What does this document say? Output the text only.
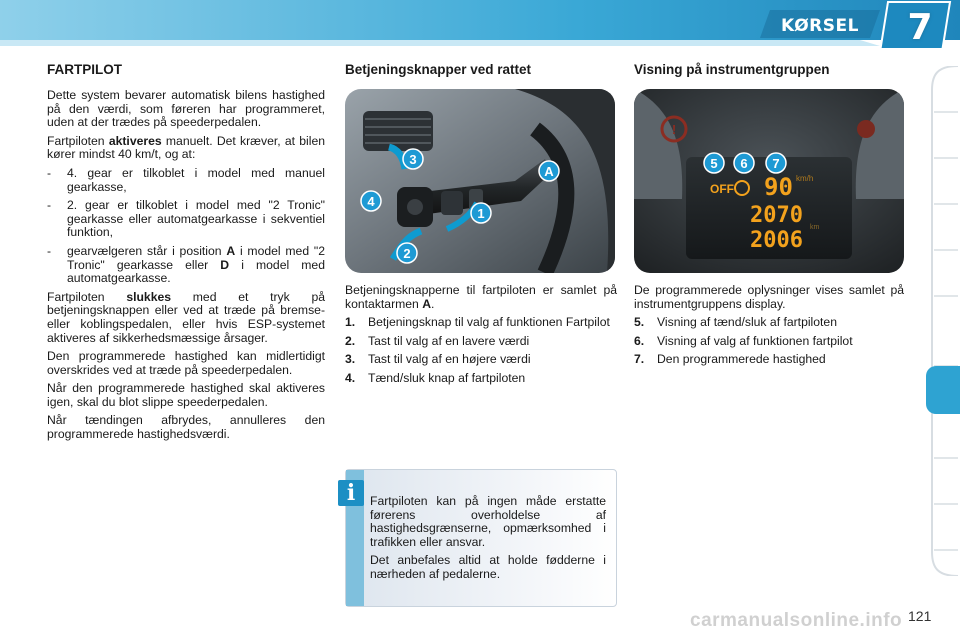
KØRSEL 7
FARTPILOT

Dette system bevarer automatisk bilens hastighed på den værdi, som føreren har programmeret, uden at der trædes på speederpedalen.

Fartpiloten aktiveres manuelt. Det kræver, at bilen kører mindst 40 km/t, og at:

-	4. gear er tilkoblet i model med manuel gearkasse,
-	2. gear er tilkoblet i model med "2 Tronic" gearkasse eller automatgearkasse i sekventiel funktion,
-	gearvælgeren står i position A i model med "2 Tronic" gearkasse eller D i model med automatgearkasse.

Fartpiloten slukkes med et tryk på betjeningsknappen eller ved at træde på bremse- eller koblingspedalen, eller hvis ESP-systemet aktiveres af sikkerhedsmæssige årsager.

Den programmerede hastighed kan midlertidigt overskrides ved at træde på speederpedalen.

Når den programmerede hastighed skal aktiveres igen, skal du blot slippe speederpedalen.

Når tændingen afbrydes, annulleres den programmerede hastighedsværdi.

Betjeningsknapper ved rattet
3
4
1
2
A

Betjeningsknapperne til fartpiloten er samlet på kontaktarmen A.

1.	Betjeningsknap til valg af funktionen Fartpilot
2.	Tast til valg af en lavere værdi
3.	Tast til valg af en højere værdi
4.	Tænd/sluk knap af fartpiloten
Visning på instrumentgruppen
!
OFF 90 km/h
2070
2006
km
5 6 7

De programmerede oplysninger vises samlet på instrumentgruppens display.

5.	Visning af tænd/sluk af fartpiloten
6.	Visning af valg af funktionen fartpilot
7.	Den programmerede hastighed
i	Fartpiloten kan på ingen måde erstatte førerens overholdelse af hastighedsgrænserne, opmærksomhed i trafikken eller ansvar.

Det anbefales altid at holde fødderne i nærheden af pedalerne.

121
carmanualsonline.info
